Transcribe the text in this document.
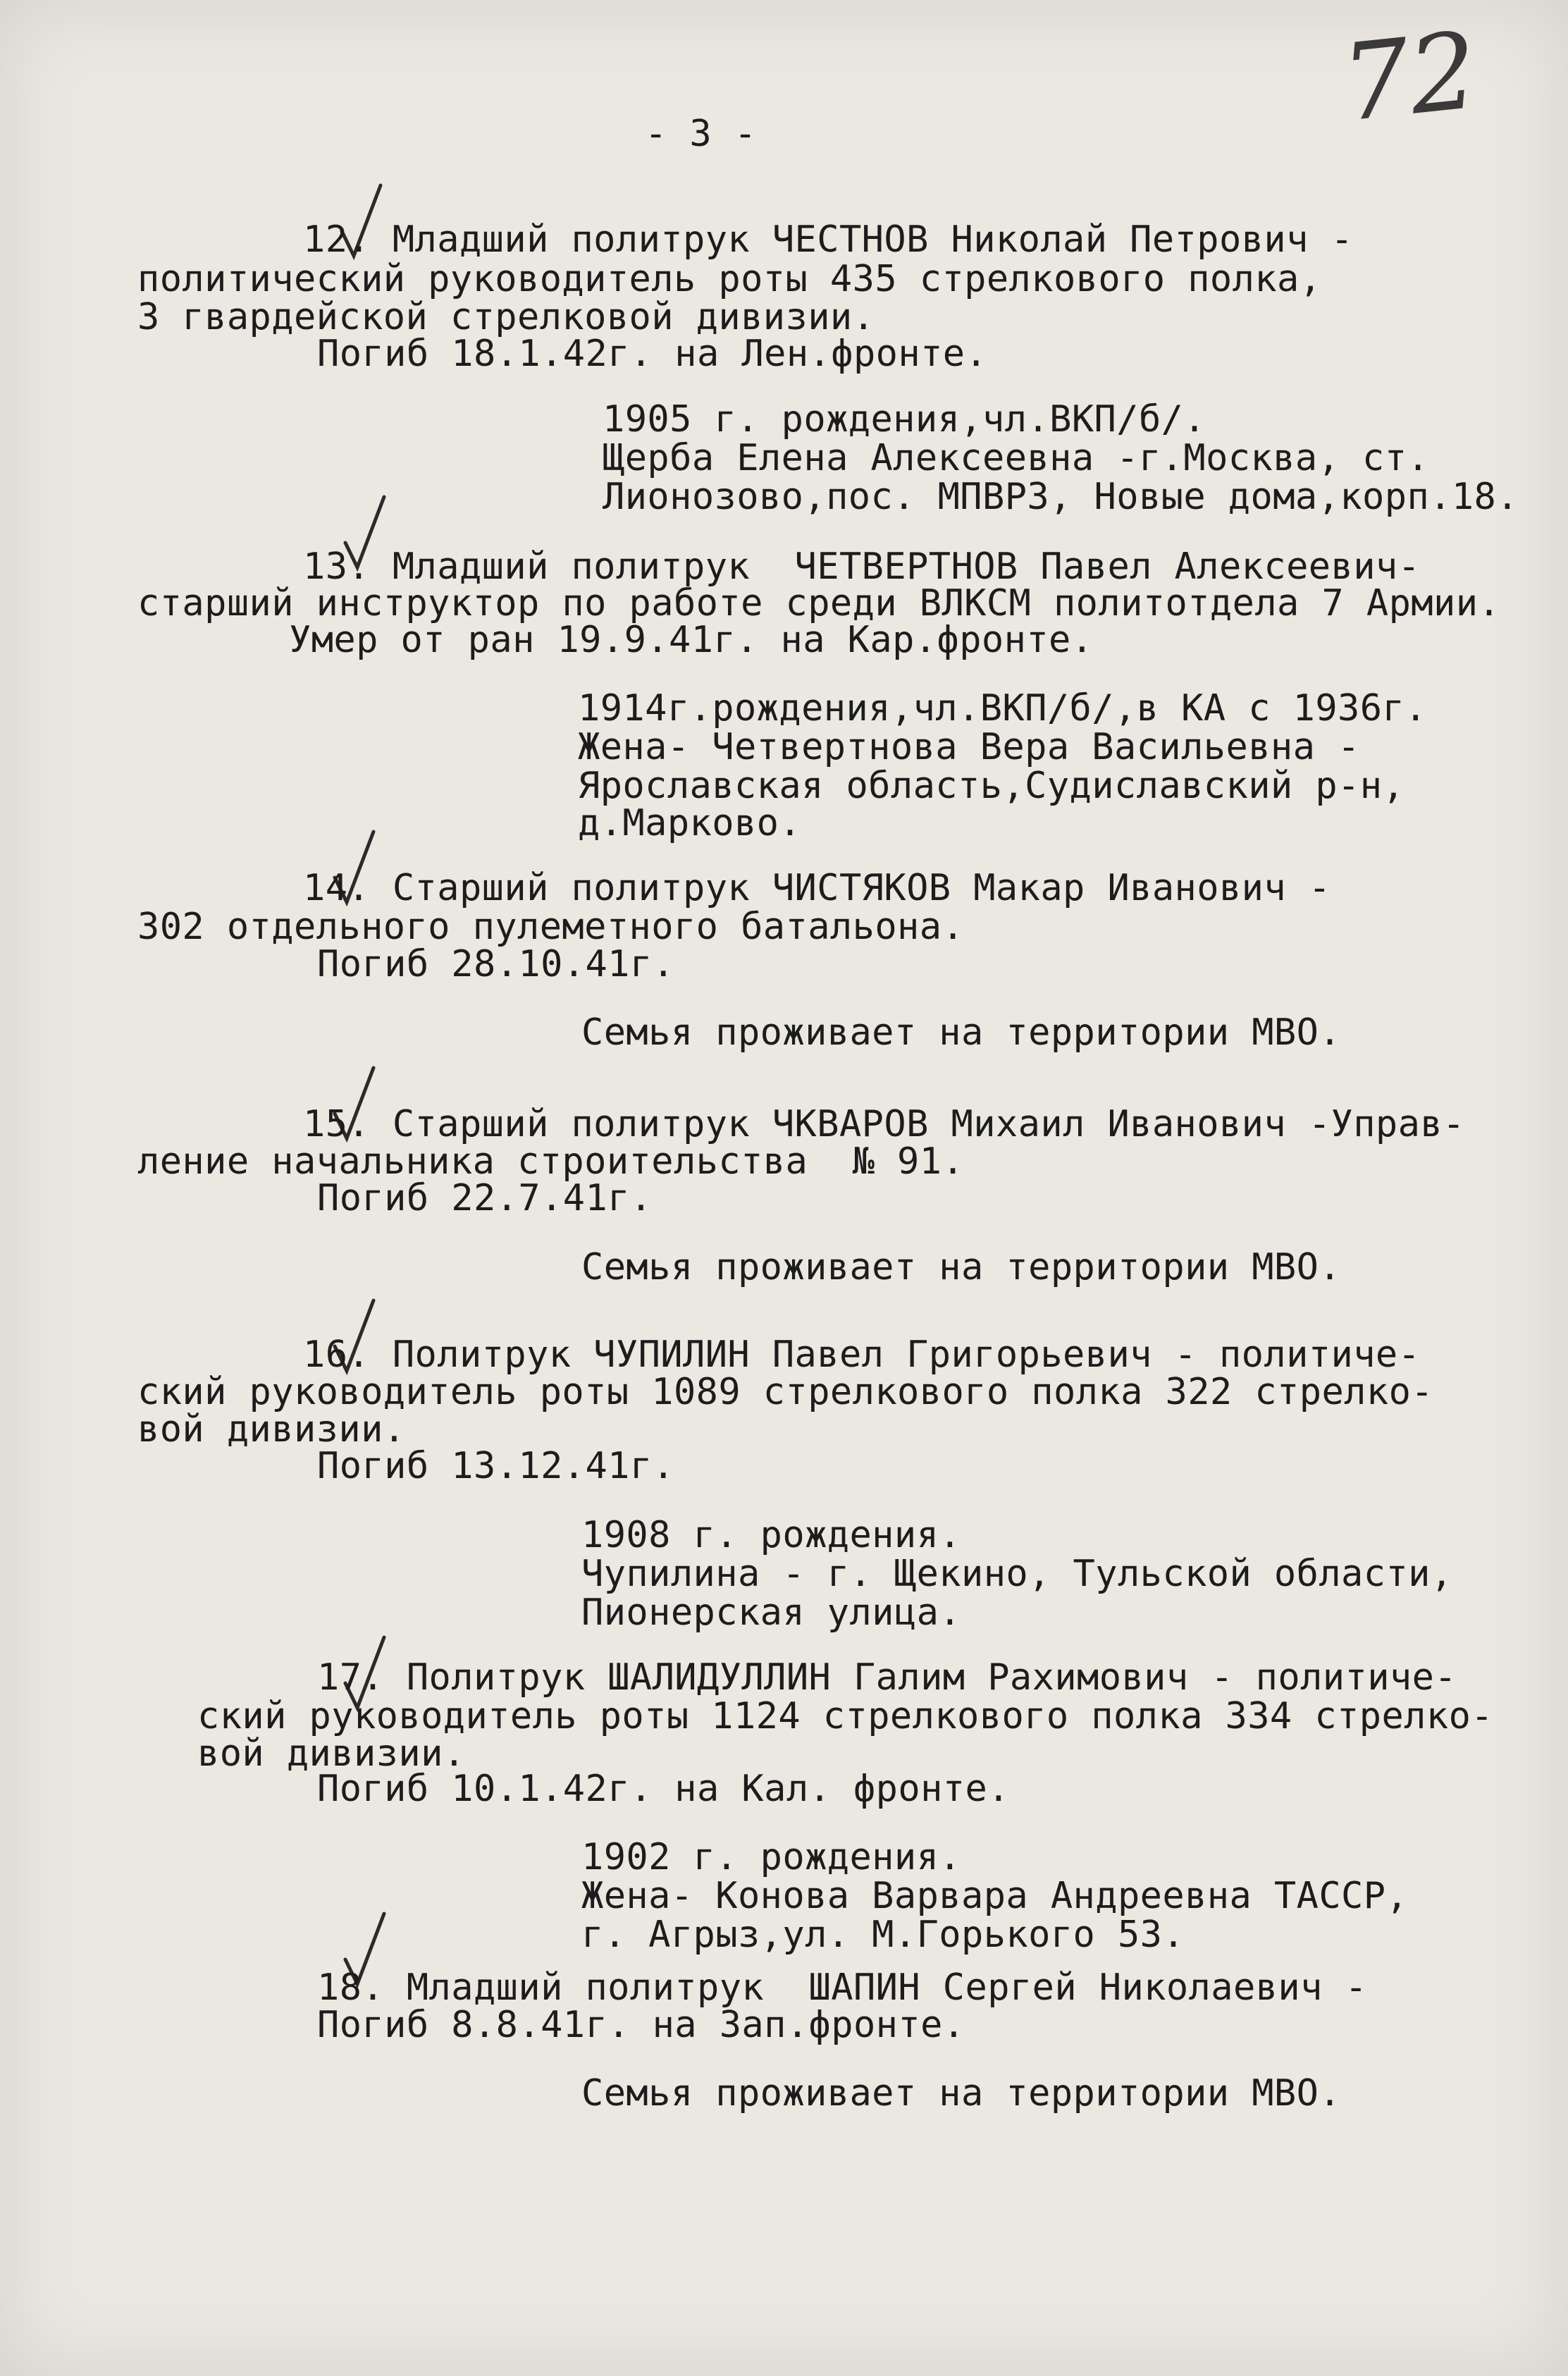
72
- 3 -
12. Младший политрук ЧЕСТНОВ Николай Петрович -
политический руководитель роты 435 стрелкового полка,
3 гвардейской стрелковой дивизии.
Погиб 18.1.42г. на Лен.фронте.
1905 г. рождения,чл.ВКП/б/.
Щерба Елена Алексеевна -г.Москва, ст.
Лионозово,пос. МПВРЗ, Новые дома,корп.18.
13. Младший политрук  ЧЕТВЕРТНОВ Павел Алексеевич-
старший инструктор по работе среди ВЛКСМ политотдела 7 Армии.
Умер от ран 19.9.41г. на Кар.фронте.
1914г.рождения,чл.ВКП/б/,в КА с 1936г.
Жена- Четвертнова Вера Васильевна -
Ярославская область,Судиславский р-н,
д.Марково.
14. Старший политрук ЧИСТЯКОВ Макар Иванович -
302 отдельного пулеметного батальона.
Погиб 28.10.41г.
Семья проживает на территории МВО.
15. Старший политрук ЧКВАРОВ Михаил Иванович -Управ-
ление начальника строительства  № 91.
Погиб 22.7.41г.
Семья проживает на территории МВО.
16. Политрук ЧУПИЛИН Павел Григорьевич - политиче-
ский руководитель роты 1089 стрелкового полка 322 стрелко-
вой дивизии.
Погиб 13.12.41г.
1908 г. рождения.
Чупилина - г. Щекино, Тульской области,
Пионерская улица.
17. Политрук ШАЛИДУЛЛИН Галим Рахимович - политиче-
ский руководитель роты 1124 стрелкового полка 334 стрелко-
вой дивизии.
Погиб 10.1.42г. на Кал. фронте.
1902 г. рождения.
Жена- Конова Варвара Андреевна ТАССР,
г. Агрыз,ул. М.Горького 53.
18. Младший политрук  ШАПИН Сергей Николаевич -
Погиб 8.8.41г. на Зап.фронте.
Семья проживает на территории МВО.
